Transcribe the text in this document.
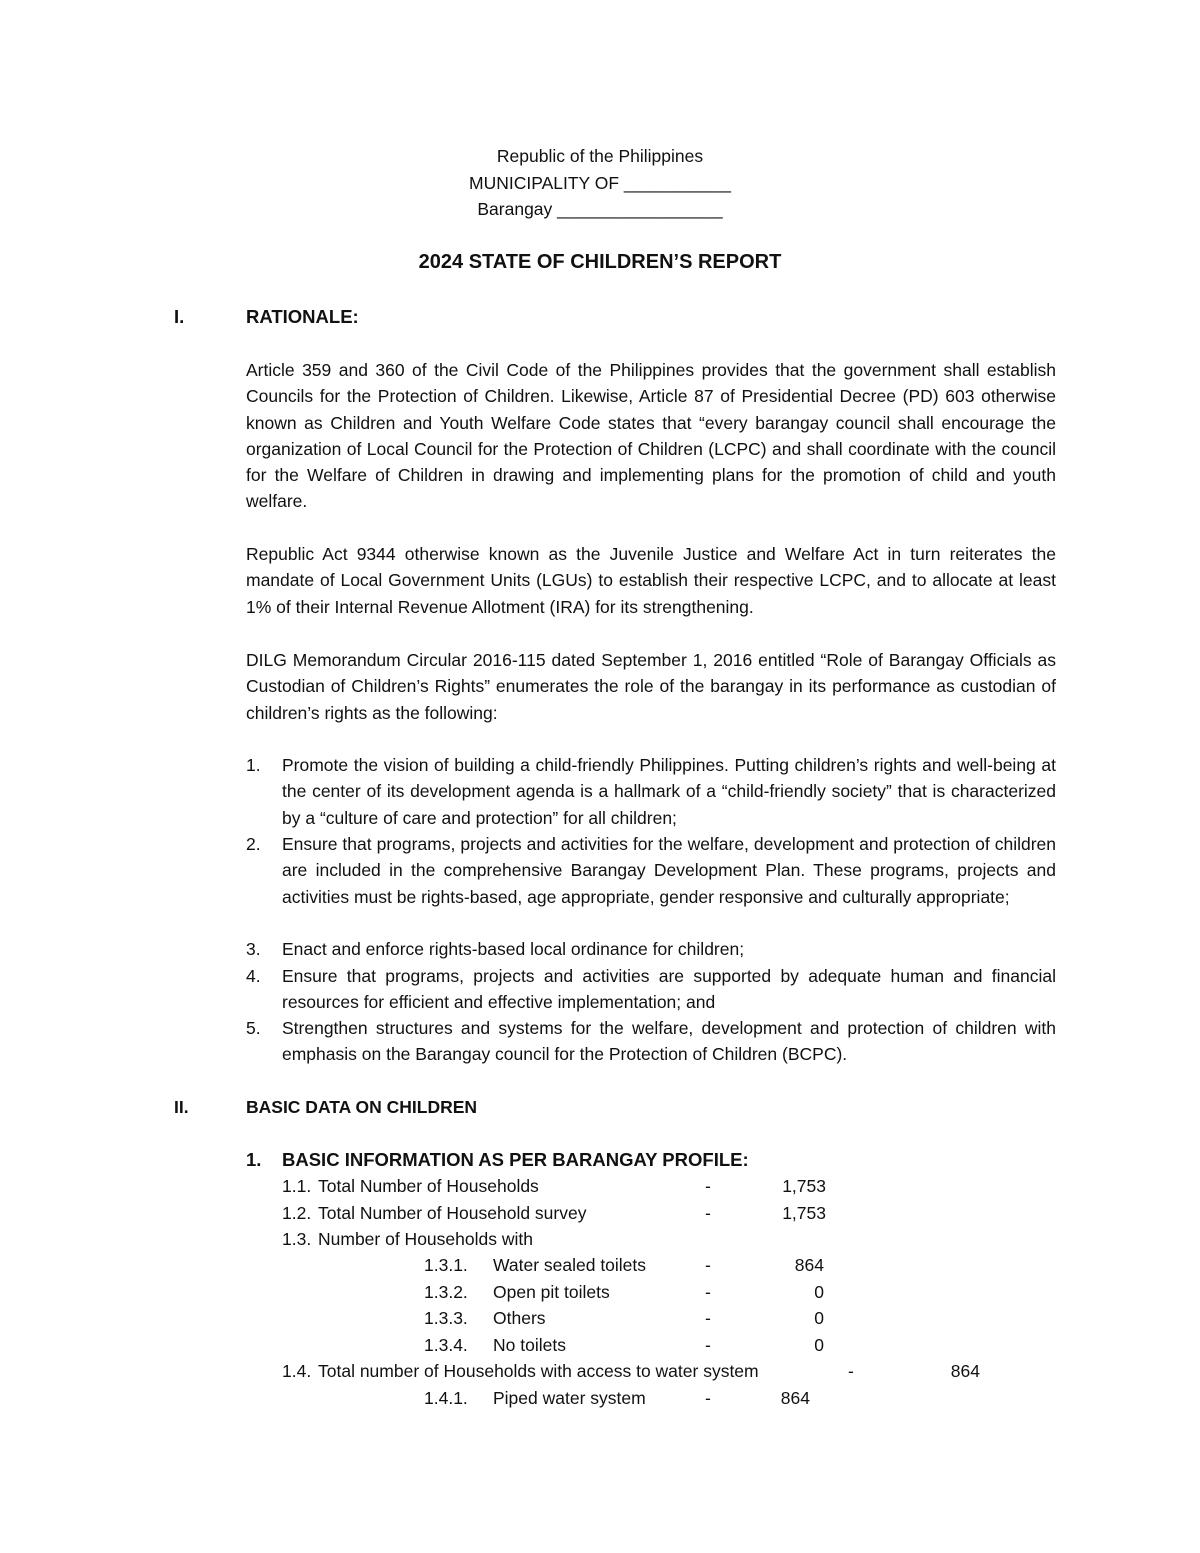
Republic of the Philippines
MUNICIPALITY OF ___________
Barangay _________________
2024 STATE OF CHILDREN’S REPORT
I.	RATIONALE:
Article 359 and 360 of the Civil Code of the Philippines provides that the government shall establish Councils for the Protection of Children. Likewise, Article 87 of Presidential Decree (PD) 603 otherwise known as Children and Youth Welfare Code states that “every barangay council shall encourage the organization of Local Council for the Protection of Children (LCPC) and shall coordinate with the council for the Welfare of Children in drawing and implementing plans for the promotion of child and youth welfare.
Republic Act 9344 otherwise known as the Juvenile Justice and Welfare Act in turn reiterates the mandate of Local Government Units (LGUs) to establish their respective LCPC, and to allocate at least 1% of their Internal Revenue Allotment (IRA) for its strengthening.
DILG Memorandum Circular 2016-115 dated September 1, 2016 entitled “Role of Barangay Officials as Custodian of Children’s Rights” enumerates the role of the barangay in its performance as custodian of children’s rights as the following:
1. Promote the vision of building a child-friendly Philippines. Putting children’s rights and well-being at the center of its development agenda is a hallmark of a “child-friendly society” that is characterized by a “culture of care and protection” for all children;
2. Ensure that programs, projects and activities for the welfare, development and protection of children are included in the comprehensive Barangay Development Plan. These programs, projects and activities must be rights-based, age appropriate, gender responsive and culturally appropriate;
3. Enact and enforce rights-based local ordinance for children;
4. Ensure that programs, projects and activities are supported by adequate human and financial resources for efficient and effective implementation; and
5. Strengthen structures and systems for the welfare, development and protection of children with emphasis on the Barangay council for the Protection of Children (BCPC).
II.	BASIC DATA ON CHILDREN
1. BASIC INFORMATION AS PER BARANGAY PROFILE:
1.1. Total Number of Households	-	1,753
1.2. Total Number of Household survey	-	1,753
1.3. Number of Households with
1.3.1. Water sealed toilets	-	864
1.3.2. Open pit toilets	-	0
1.3.3. Others	-	0
1.3.4. No toilets	-	0
1.4. Total number of Households with access to water system	-	864
1.4.1. Piped water system	-	864
